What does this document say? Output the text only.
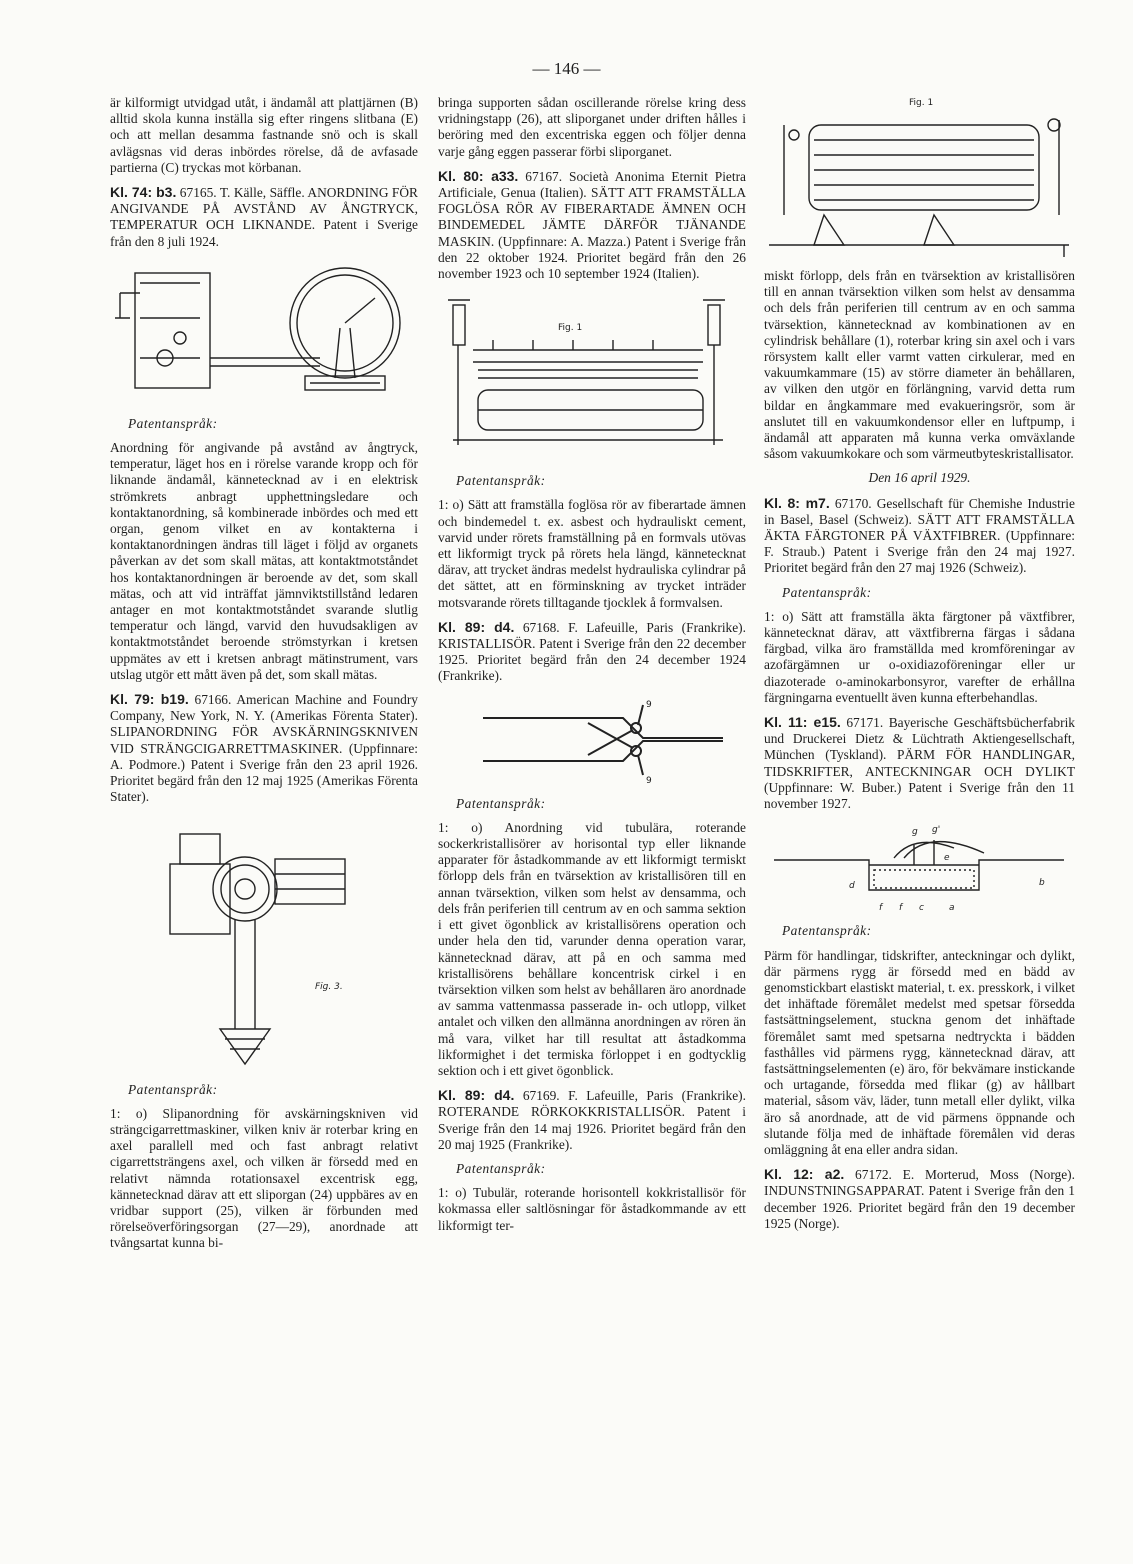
— 146 —

är kilformigt utvidgad utåt, i ändamål att plattjärnen (B) alltid skola kunna inställa sig efter ringens slitbana (E) och att mellan desamma fastnande snö och is skall avlägsnas vid deras inbördes rörelse, då de avfasade partierna (C) tryckas mot körbanan.

Kl. 74: b3. 67165. T. Källe, Säffle. ANORDNING FÖR ANGIVANDE PÅ AVSTÅND AV ÅNGTRYCK, TEMPERATUR OCH LIKNANDE. Patent i Sverige från den 8 juli 1924.

Patentanspråk:

Anordning för angivande på avstånd av ångtryck, temperatur, läget hos en i rörelse varande kropp och för liknande ändamål, kännetecknad av i en elektrisk strömkrets anbragt upphettningsledare och kontaktanordning, så kombinerade inbördes och med ett organ, genom vilket en av kontakterna i kontaktanordningen ändras till läget i följd av organets påverkan av det som skall mätas, att kontaktmotståndet hos kontaktanordningen är beroende av det, som skall mätas, och att vid inträffat jämnviktstillstånd ledaren antager en mot kontaktmotståndet svarande slutlig temperatur och längd, varvid den huvudsakligen av kontaktmotståndet beroende strömstyrkan i kretsen uppmätes av ett i kretsen anbragt mätinstrument, vars utslag utgör ett mått även på det, som skall mätas.

Kl. 79: b19. 67166. American Machine and Foundry Company, New York, N. Y. (Amerikas Förenta Stater). SLIPANORDNING FÖR AVSKÄRNINGSKNIVEN VID STRÄNGCIGARRETTMASKINER. (Uppfinnare: A. Podmore.) Patent i Sverige från den 23 april 1926. Prioritet begärd från den 12 maj 1925 (Amerikas Förenta Stater).

Fig. 3.

Patentanspråk:

1: o) Slipanordning för avskärningskniven vid strängcigarrettmaskiner, vilken kniv är roterbar kring en axel parallell med och fast anbragt relativt cigarrettsträngens axel, och vilken är försedd med en relativt nämnda rotationsaxel excentrisk egg, kännetecknad därav att ett sliporgan (24) uppbäres av en vridbar support (25), vilken är förbunden med rörelseöverföringsorgan (27—29), anordnade att tvångsartat kunna bi-

bringa supporten sådan oscillerande rörelse kring dess vridningstapp (26), att sliporganet under driften hålles i beröring med den excentriska eggen och följer denna varje gång eggen passerar förbi sliporganet.

Kl. 80: a33. 67167. Società Anonima Eternit Pietra Artificiale, Genua (Italien). SÄTT ATT FRAMSTÄLLA FOGLÖSA RÖR AV FIBERARTADE ÄMNEN OCH BINDEMEDEL JÄMTE DÄRFÖR TJÄNANDE MASKIN. (Uppfinnare: A. Mazza.) Patent i Sverige från den 22 oktober 1924. Prioritet begärd från den 26 november 1923 och 10 september 1924 (Italien).

Fig. 1

Patentanspråk:

1: o) Sätt att framställa foglösa rör av fiberartade ämnen och bindemedel t. ex. asbest och hydrauliskt cement, varvid under rörets framställning på en formvals utövas ett likformigt tryck på rörets hela längd, kännetecknat därav, att trycket ändras medelst hydrauliska cylindrar på det sättet, att en förminskning av trycket inträder motsvarande rörets tilltagande tjocklek å formvalsen.

Kl. 89: d4. 67168. F. Lafeuille, Paris (Frankrike). KRISTALLISÖR. Patent i Sverige från den 22 december 1925. Prioritet begärd från den 24 december 1924 (Frankrike).

9
9

Patentanspråk:

1: o) Anordning vid tubulära, roterande sockerkristallisörer av horisontal typ eller liknande apparater för åstadkommande av ett likformigt termiskt förlopp dels från en tvärsektion av kristallisören till en annan tvärsektion, vilken som helst av densamma, och dels från periferien till centrum av en och samma sektion i ett givet ögonblick av kristallisörens operation och under hela den tid, varunder denna operation varar, kännetecknad därav, att på en och samma med kristallisörens behållare koncentrisk cirkel i en tvärsektion vilken som helst av behållaren äro anordnade av samma vattenmassa passerade in- och utlopp, vilket antalet och vilken den allmänna anordningen av rören än må vara, vilket har till resultat att åstadkomma likformighet i det termiska förloppet i en godtycklig sektion och i ett givet ögonblick.

Kl. 89: d4. 67169. F. Lafeuille, Paris (Frankrike). ROTERANDE RÖRKOKKRISTALLISÖR. Patent i Sverige från den 14 maj 1926. Prioritet begärd från den 20 maj 1925 (Frankrike).

Patentanspråk:

1: o) Tubulär, roterande horisontell kokkristallisör för kokmassa eller saltlösningar för åstadkommande av ett likformigt ter-

Fig. 1

miskt förlopp, dels från en tvärsektion av kristallisören till en annan tvärsektion vilken som helst av densamma och dels från periferien till centrum av en och samma tvärsektion, kännetecknad av kombinationen av en cylindrisk behållare (1), roterbar kring sin axel och i vars rörsystem kallt eller varmt vatten cirkulerar, med en vakuumkammare (15) av större diameter än behållaren, av vilken den utgör en förlängning, varvid detta rum bildar en ångkammare med evakueringsrör, som är anslutet till en vakuumkondensor eller en luftpump, i ändamål att apparaten må kunna verka omväxlande såsom vakuumkokare och som värmeutbyteskristallisator.

Den 16 april 1929.

Kl. 8: m7. 67170. Gesellschaft für Chemishe Industrie in Basel, Basel (Schweiz). SÄTT ATT FRAMSTÄLLA ÄKTA FÄRGTONER PÅ VÄXTFIBRER. (Uppfinnare: F. Straub.) Patent i Sverige från den 24 maj 1927. Prioritet begärd från den 27 maj 1926 (Schweiz).

Patentanspråk:

1: o) Sätt att framställa äkta färgtoner på växtfibrer, kännetecknat därav, att växtfibrerna färgas i sådana färgbad, vilka äro framställda med kromföreningar av azofärgämnen ur o-oxidiazoföreningar eller ur diazoterade o-aminokarbonsyror, varefter de erhållna färgningarna eventuellt även kunna efterbehandlas.

Kl. 11: e15. 67171. Bayerische Geschäftsbücherfabrik und Druckerei Dietz & Lüchtrath Aktiengesellschaft, München (Tyskland). PÄRM FÖR HANDLINGAR, TIDSKRIFTER, ANTECKNINGAR OCH DYLIKT (Uppfinnare: W. Buber.) Patent i Sverige från den 11 november 1927.

f f c	a
b
d
e
g g'

Patentanspråk:

Pärm för handlingar, tidskrifter, anteckningar och dylikt, där pärmens rygg är försedd med en bädd av genomstickbart elastiskt material, t. ex. presskork, i vilket det inhäftade föremålet medelst med spetsar försedda fastsättningselement, stuckna genom det inhäftade föremålet samt med spetsarna nedtryckta i bädden fasthålles vid pärmens rygg, kännetecknad därav, att fastsättningselementen (e) äro, för bekvämare instickande och urtagande, försedda med flikar (g) av hållbart material, såsom väv, läder, tunn metall eller dylikt, vilka äro så anordnade, att de vid pärmens öppnande och slutande följa med de inhäftade föremålen vid deras omläggning åt ena eller andra sidan.

Kl. 12: a2. 67172. E. Morterud, Moss (Norge). INDUNSTNINGSAPPARAT. Patent i Sverige från den 1 december 1926. Prioritet begärd från den 19 december 1925 (Norge).
